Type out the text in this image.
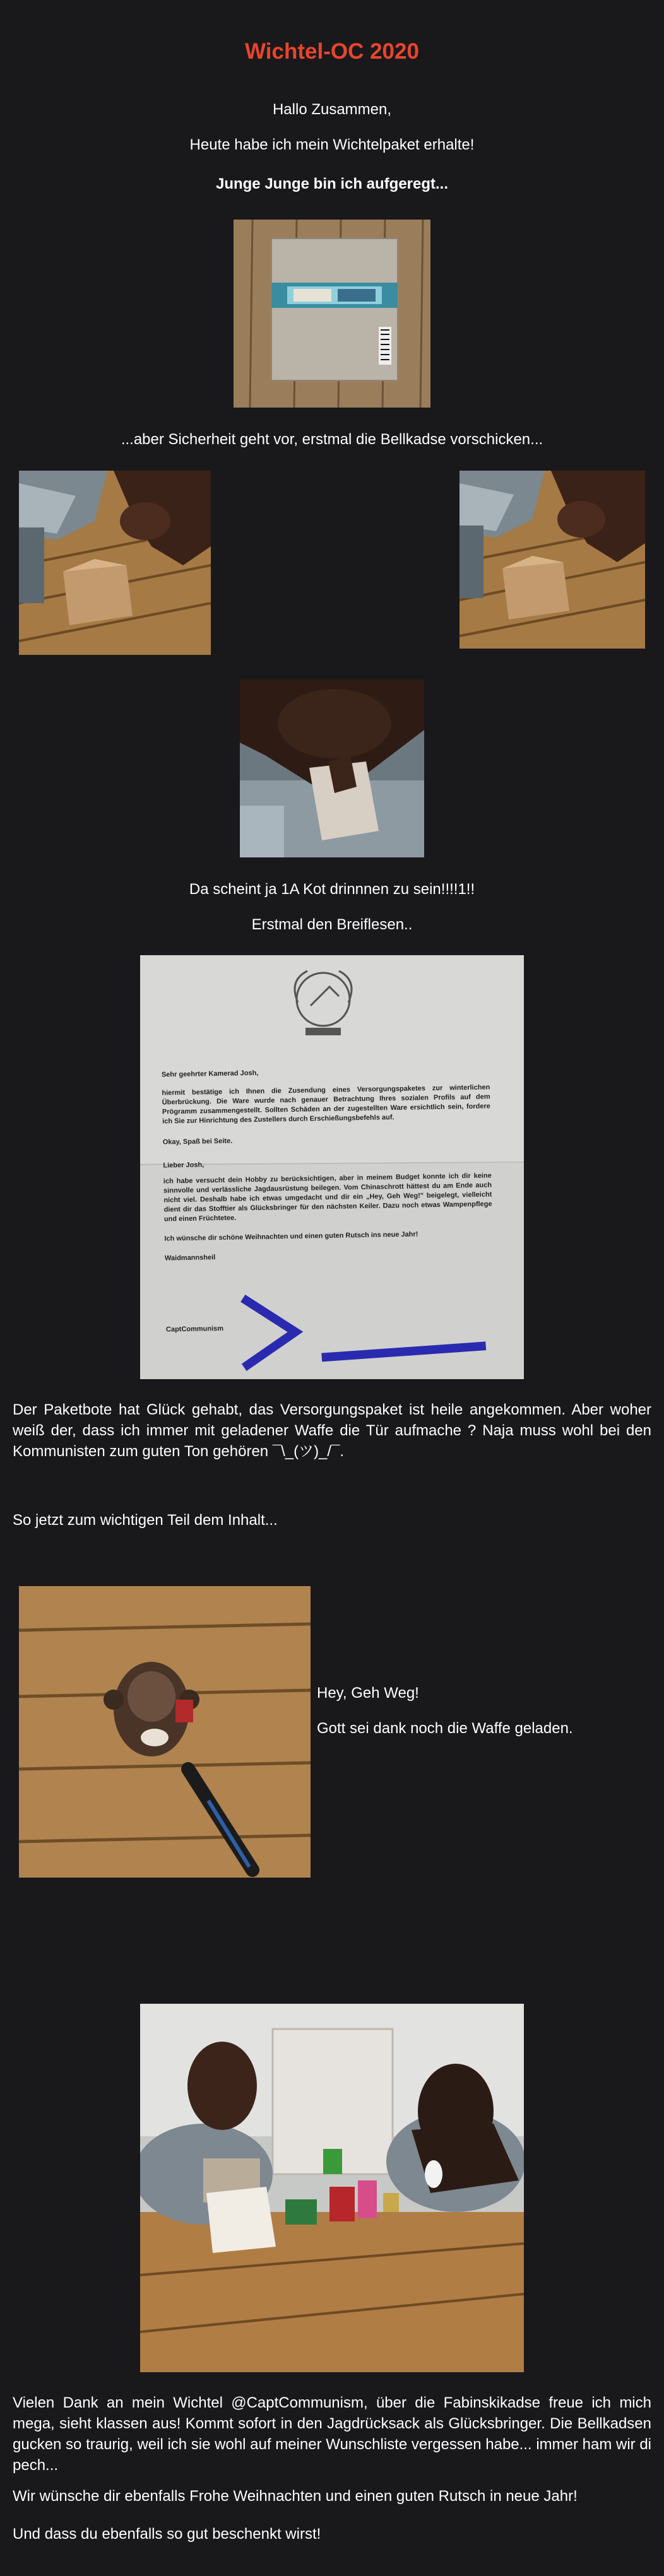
Wichtel-OC 2020

Hallo Zusammen,

Heute habe ich mein Wichtelpaket erhalte!

Junge Junge bin ich aufgeregt...

...aber Sicherheit geht vor, erstmal die Bellkadse vorschicken...

Da scheint ja 1A Kot drinnnen zu sein!!!!1!!

Erstmal den Breiflesen..

Sehr geehrter Kamerad Josh,
hiermit bestätige ich Ihnen die Zusendung eines Versorgungspaketes zur winterlichen Überbrückung. Die Ware wurde nach genauer Betrachtung Ihres sozialen Profils auf dem Prögramm zusammengestellt. Sollten Schäden an der zugestellten Ware ersichtlich sein, fordere ich Sie zur Hinrichtung des Zustellers durch Erschießungsbefehls auf.
Okay, Spaß bei Seite.
Lieber Josh,
ich habe versucht dein Hobby zu berücksichtigen, aber in meinem Budget konnte ich dir keine sinnvolle und verlässliche Jagdausrüstung beilegen. Vom Chinaschrott hättest du am Ende auch nicht viel. Deshalb habe ich etwas umgedacht und dir ein „Hey, Geh Weg!" beigelegt, vielleicht dient dir das Stofftier als Glücksbringer für den nächsten Keiler. Dazu noch etwas Wampenpflege und einen Früchtetee.
Ich wünsche dir schöne Weihnachten und einen guten Rutsch ins neue Jahr!
Waidmannsheil
CaptCommunism

Der Paketbote hat Glück gehabt, das Versorgungspaket ist heile angekommen. Aber woher weiß der, dass ich immer mit geladener Waffe die Tür aufmache ? Naja muss wohl bei den Kommunisten zum guten Ton gehören ¯\_(ツ)_/¯.

So jetzt zum wichtigen Teil dem Inhalt...

Hey, Geh Weg!

Gott sei dank noch die Waffe geladen.

Vielen Dank an mein Wichtel @CaptCommunism, über die Fabinskikadse freue ich mich mega, sieht klassen aus! Kommt sofort in den Jagdrücksack als Glücksbringer. Die Bellkadsen gucken so traurig, weil ich sie wohl auf meiner Wunschliste vergessen habe... immer ham wir di pech...

Wir wünsche dir ebenfalls Frohe Weihnachten und einen guten Rutsch in neue Jahr!

Und dass du ebenfalls so gut beschenkt wirst!
